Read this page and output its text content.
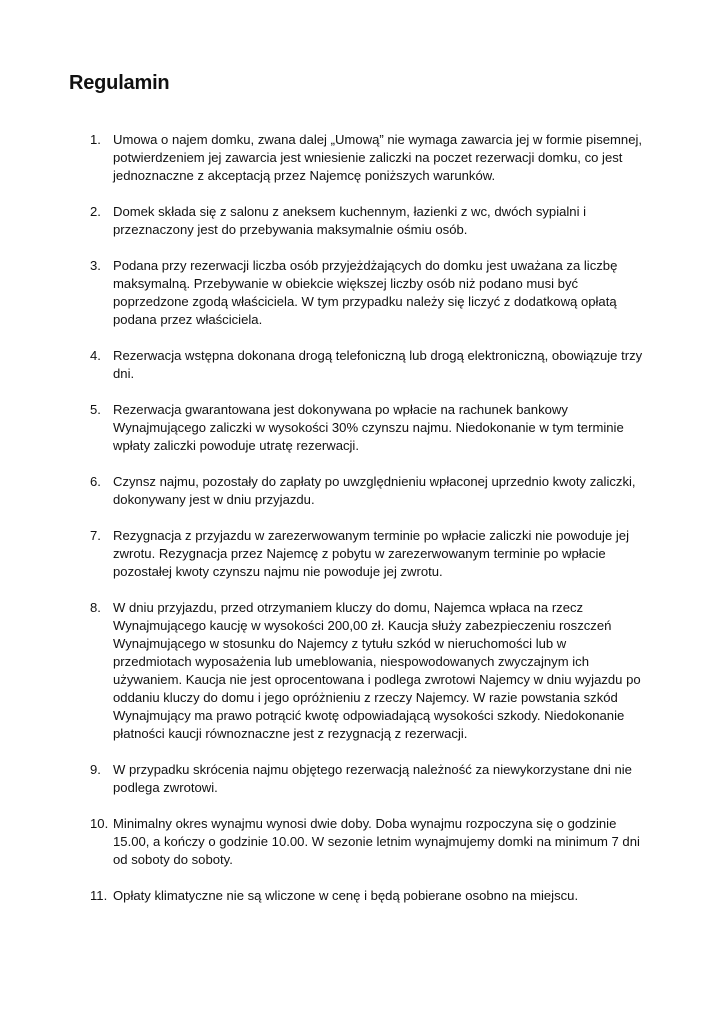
Regulamin
1. Umowa o najem domku, zwana dalej „Umową” nie wymaga zawarcia jej w formie pisemnej, potwierdzeniem jej zawarcia jest wniesienie zaliczki na poczet rezerwacji domku, co jest jednoznaczne z akceptacją przez Najemcę poniższych warunków.
2. Domek składa się z salonu z aneksem kuchennym, łazienki z wc, dwóch sypialni i przeznaczony jest do przebywania maksymalnie ośmiu osób.
3. Podana przy rezerwacji liczba osób przyjeżdżających do domku jest uważana za liczbę maksymalną. Przebywanie w obiekcie większej liczby osób niż podano musi być poprzedzone zgodą właściciela. W tym przypadku należy się liczyć z dodatkową opłatą podana przez właściciela.
4. Rezerwacja wstępna dokonana drogą telefoniczną lub drogą elektroniczną, obowiązuje trzy dni.
5. Rezerwacja gwarantowana jest dokonywana po wpłacie na rachunek bankowy Wynajmującego zaliczki w wysokości 30% czynszu najmu. Niedokonanie w tym terminie wpłaty zaliczki powoduje utratę rezerwacji.
6. Czynsz najmu, pozostały do zapłaty po uwzględnieniu wpłaconej uprzednio kwoty zaliczki, dokonywany jest w dniu przyjazdu.
7. Rezygnacja z przyjazdu w zarezerwowanym terminie po wpłacie zaliczki nie powoduje jej zwrotu. Rezygnacja przez Najemcę z pobytu w zarezerwowanym terminie po wpłacie pozostałej kwoty czynszu najmu nie powoduje jej zwrotu.
8. W dniu przyjazdu, przed otrzymaniem kluczy do domu, Najemca wpłaca na rzecz Wynajmującego kaucję w wysokości 200,00 zł. Kaucja służy zabezpieczeniu roszczeń Wynajmującego w stosunku do Najemcy z tytułu szkód w nieruchomości lub w przedmiotach wyposażenia lub umeblowania, niespowodowanych zwyczajnym ich używaniem. Kaucja nie jest oprocentowana i podlega zwrotowi Najemcy w dniu wyjazdu po oddaniu kluczy do domu i jego opróżnieniu z rzeczy Najemcy. W razie powstania szkód Wynajmujący ma prawo potrącić kwotę odpowiadającą wysokości szkody. Niedokonanie płatności kaucji równoznaczne jest z rezygnacją z rezerwacji.
9. W przypadku skrócenia najmu objętego rezerwacją należność za niewykorzystane dni nie podlega zwrotowi.
10. Minimalny okres wynajmu wynosi dwie doby. Doba wynajmu rozpoczyna się o godzinie 15.00, a kończy o godzinie 10.00. W sezonie letnim wynajmujemy domki na minimum 7 dni od soboty do soboty.
11. Opłaty klimatyczne nie są wliczone w cenę i będą pobierane osobno na miejscu.
